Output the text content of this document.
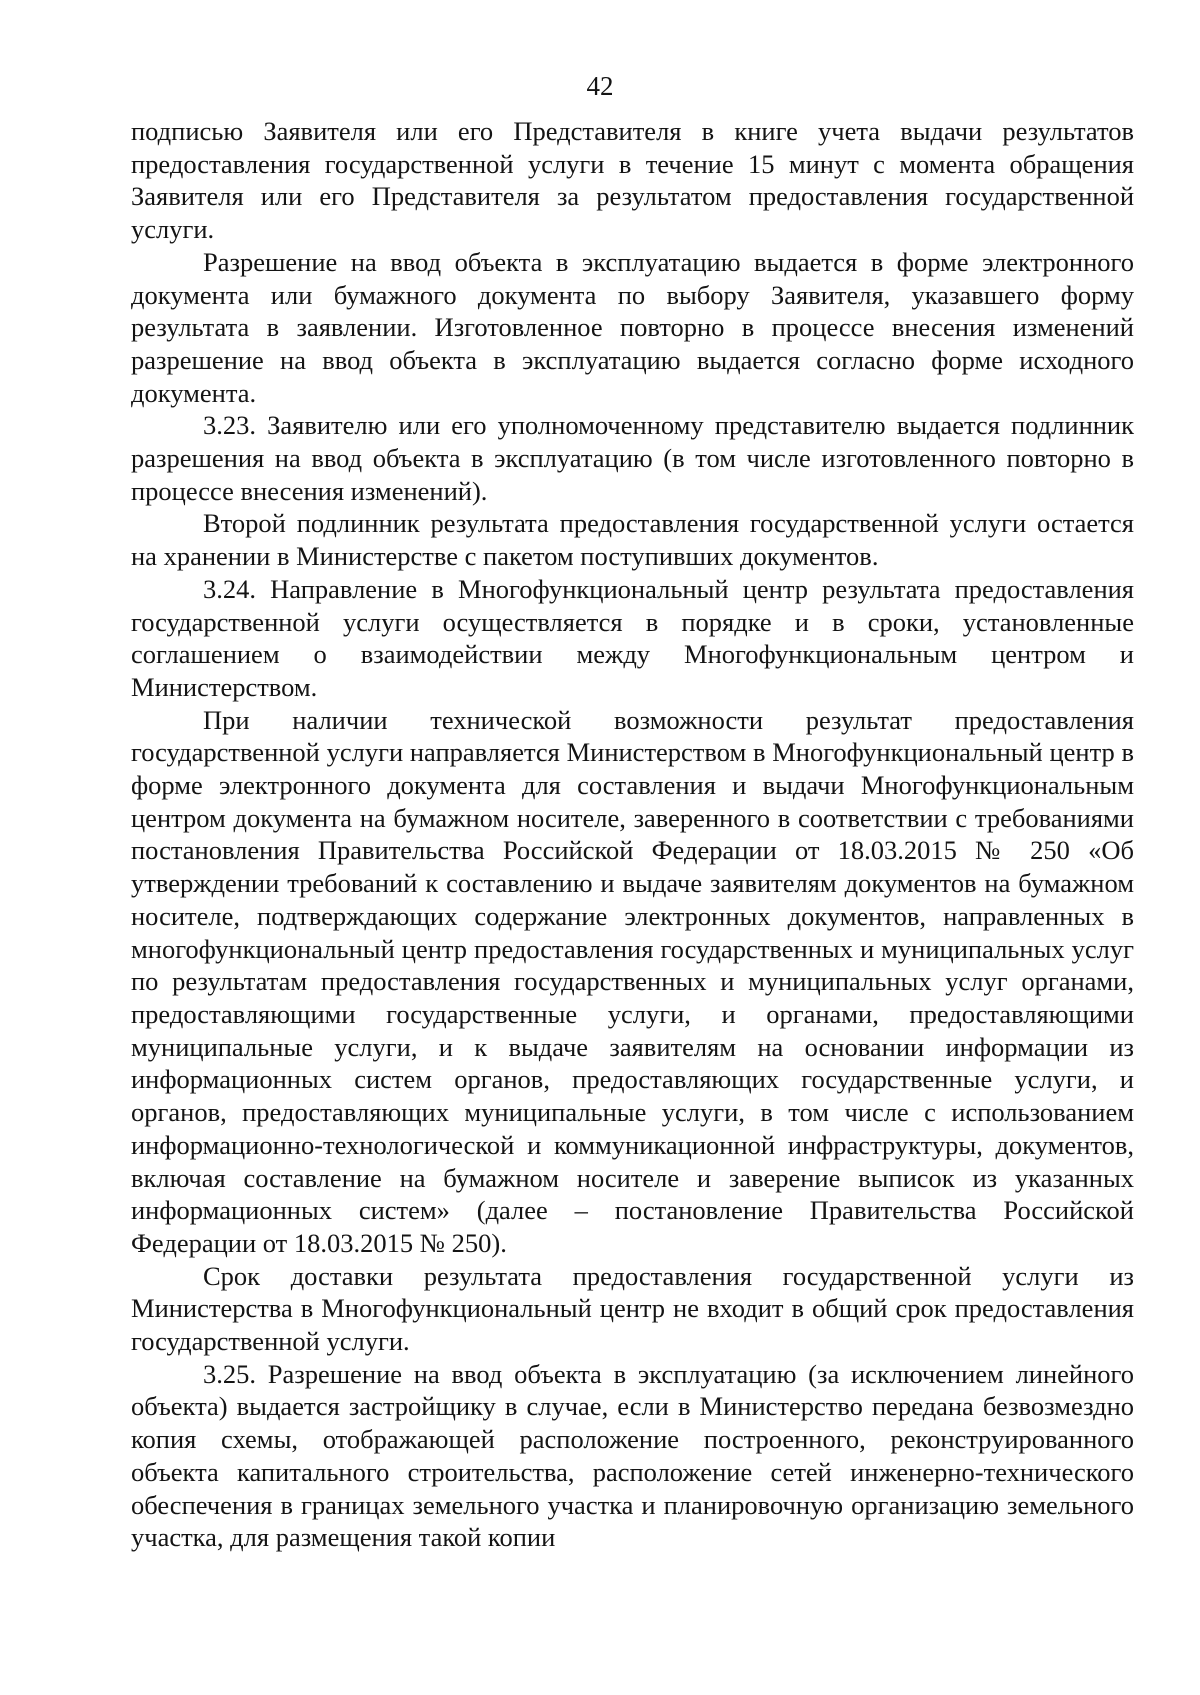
42

подписью Заявителя или его Представителя в книге учета выдачи результатов предоставления государственной услуги в течение 15 минут с момента обращения Заявителя или его Представителя за результатом предоставления государственной услуги.

Разрешение на ввод объекта в эксплуатацию выдается в форме электронного документа или бумажного документа по выбору Заявителя, указавшего форму результата в заявлении. Изготовленное повторно в процессе внесения изменений разрешение на ввод объекта в эксплуатацию выдается согласно форме исходного документа.

3.23. Заявителю или его уполномоченному представителю выдается подлинник разрешения на ввод объекта в эксплуатацию (в том числе изготовленного повторно в процессе внесения изменений).

Второй подлинник результата предоставления государственной услуги остается на хранении в Министерстве с пакетом поступивших документов.

3.24. Направление в Многофункциональный центр результата предоставления государственной услуги осуществляется в порядке и в сроки, установленные соглашением о взаимодействии между Многофункциональным центром и Министерством.

При наличии технической возможности результат предоставления государственной услуги направляется Министерством в Многофункциональный центр в форме электронного документа для составления и выдачи Многофункциональным центром документа на бумажном носителе, заверенного в соответствии с требованиями постановления Правительства Российской Федерации от 18.03.2015 № 250 «Об утверждении требований к составлению и выдаче заявителям документов на бумажном носителе, подтверждающих содержание электронных документов, направленных в многофункциональный центр предоставления государственных и муниципальных услуг по результатам предоставления государственных и муниципальных услуг органами, предоставляющими государственные услуги, и органами, предоставляющими муниципальные услуги, и к выдаче заявителям на основании информации из информационных систем органов, предоставляющих государственные услуги, и органов, предоставляющих муниципальные услуги, в том числе с использованием информационно-технологической и коммуникационной инфраструктуры, документов, включая составление на бумажном носителе и заверение выписок из указанных информационных систем» (далее – постановление Правительства Российской Федерации от 18.03.2015 № 250).

Срок доставки результата предоставления государственной услуги из Министерства в Многофункциональный центр не входит в общий срок предоставления государственной услуги.

3.25. Разрешение на ввод объекта в эксплуатацию (за исключением линейного объекта) выдается застройщику в случае, если в Министерство передана безвозмездно копия схемы, отображающей расположение построенного, реконструированного объекта капитального строительства, расположение сетей инженерно-технического обеспечения в границах земельного участка и планировочную организацию земельного участка, для размещения такой копии
